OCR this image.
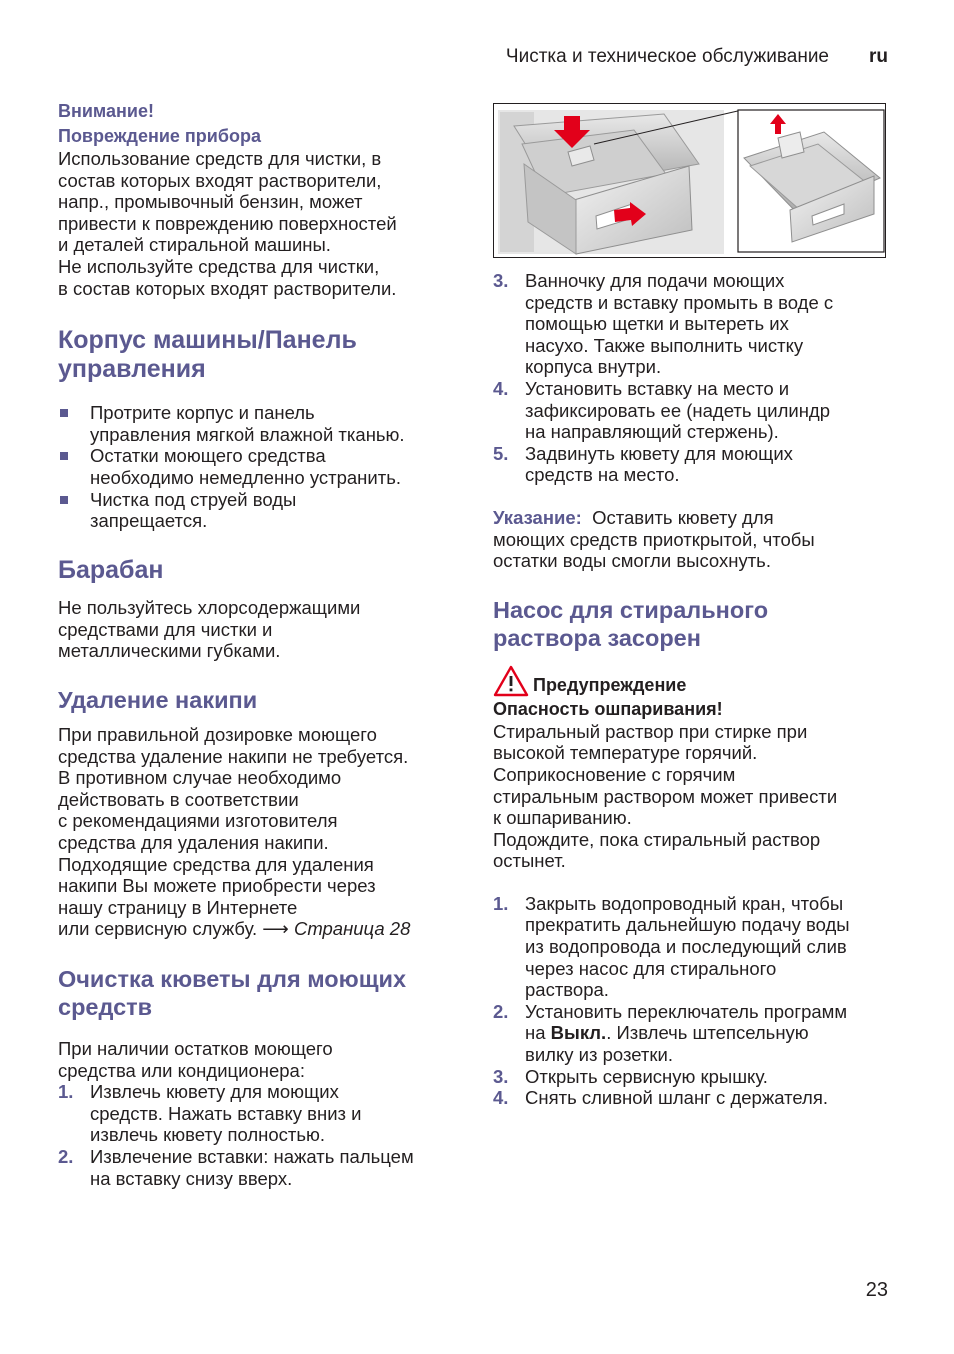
Чистка и техническое обслуживание ru
Внимание!
Повреждение прибора
Использование средств для чистки, в
состав которых входят растворители,
напр., промывочный бензин, может
привести к повреждению поверхностей
и деталей стиральной машины.
Не используйте средства для чистки,
в состав которых входят растворители.
Корпус машины/Панель
управления
Протрите корпус и панель
управления мягкой влажной тканью.
Остатки моющего средства
необходимо немедленно устранить.
Чистка под струей воды
запрещается.
Барабан
Не пользуйтесь хлорсодержащими
средствами для чистки и
металлическими губками.
Удаление накипи
При правильной дозировке моющего
средства удаление накипи не требуется.
В противном случае необходимо
действовать в соответствии
с рекомендациями изготовителя
средства для удаления накипи.
Подходящие средства для удаления
накипи Вы можете приобрести через
нашу страницу в Интернете
или сервисную службу. ⟶ Страница 28
Очистка кюветы для моющих
средств
При наличии остатков моющего
средства или кондиционера:
1. Извлечь кювету для моющих
средств. Нажать вставку вниз и
извлечь кювету полностью.
2. Извлечение вставки: нажать пальцем
на вставку снизу вверх.
3. Ванночку для подачи моющих
средств и вставку промыть в воде с
помощью щетки и вытереть их
насухо. Также выполнить чистку
корпуса внутри.
4. Установить вставку на место и
зафиксировать ее (надеть цилиндр
на направляющий стержень).
5. Задвинуть кювету для моющих
средств на место.
Указание:  Оставить кювету для
моющих средств приоткрытой, чтобы
остатки воды смогли высохнуть.
Насос для стирального
раствора засорен
Предупреждение
Опасность ошпаривания!
Стиральный раствор при стирке при
высокой температуре горячий.
Соприкосновение с горячим
стиральным раствором может привести
к ошпариванию.
Подождите, пока стиральный раствор
остынет.
1. Закрыть водопроводный кран, чтобы
прекратить дальнейшую подачу воды
из водопровода и последующий слив
через насос для стирального
раствора.
2. Установить переключатель программ
на Выкл.. Извлечь штепсельную
вилку из розетки.
3. Открыть сервисную крышку.
4. Снять сливной шланг с держателя.
23
